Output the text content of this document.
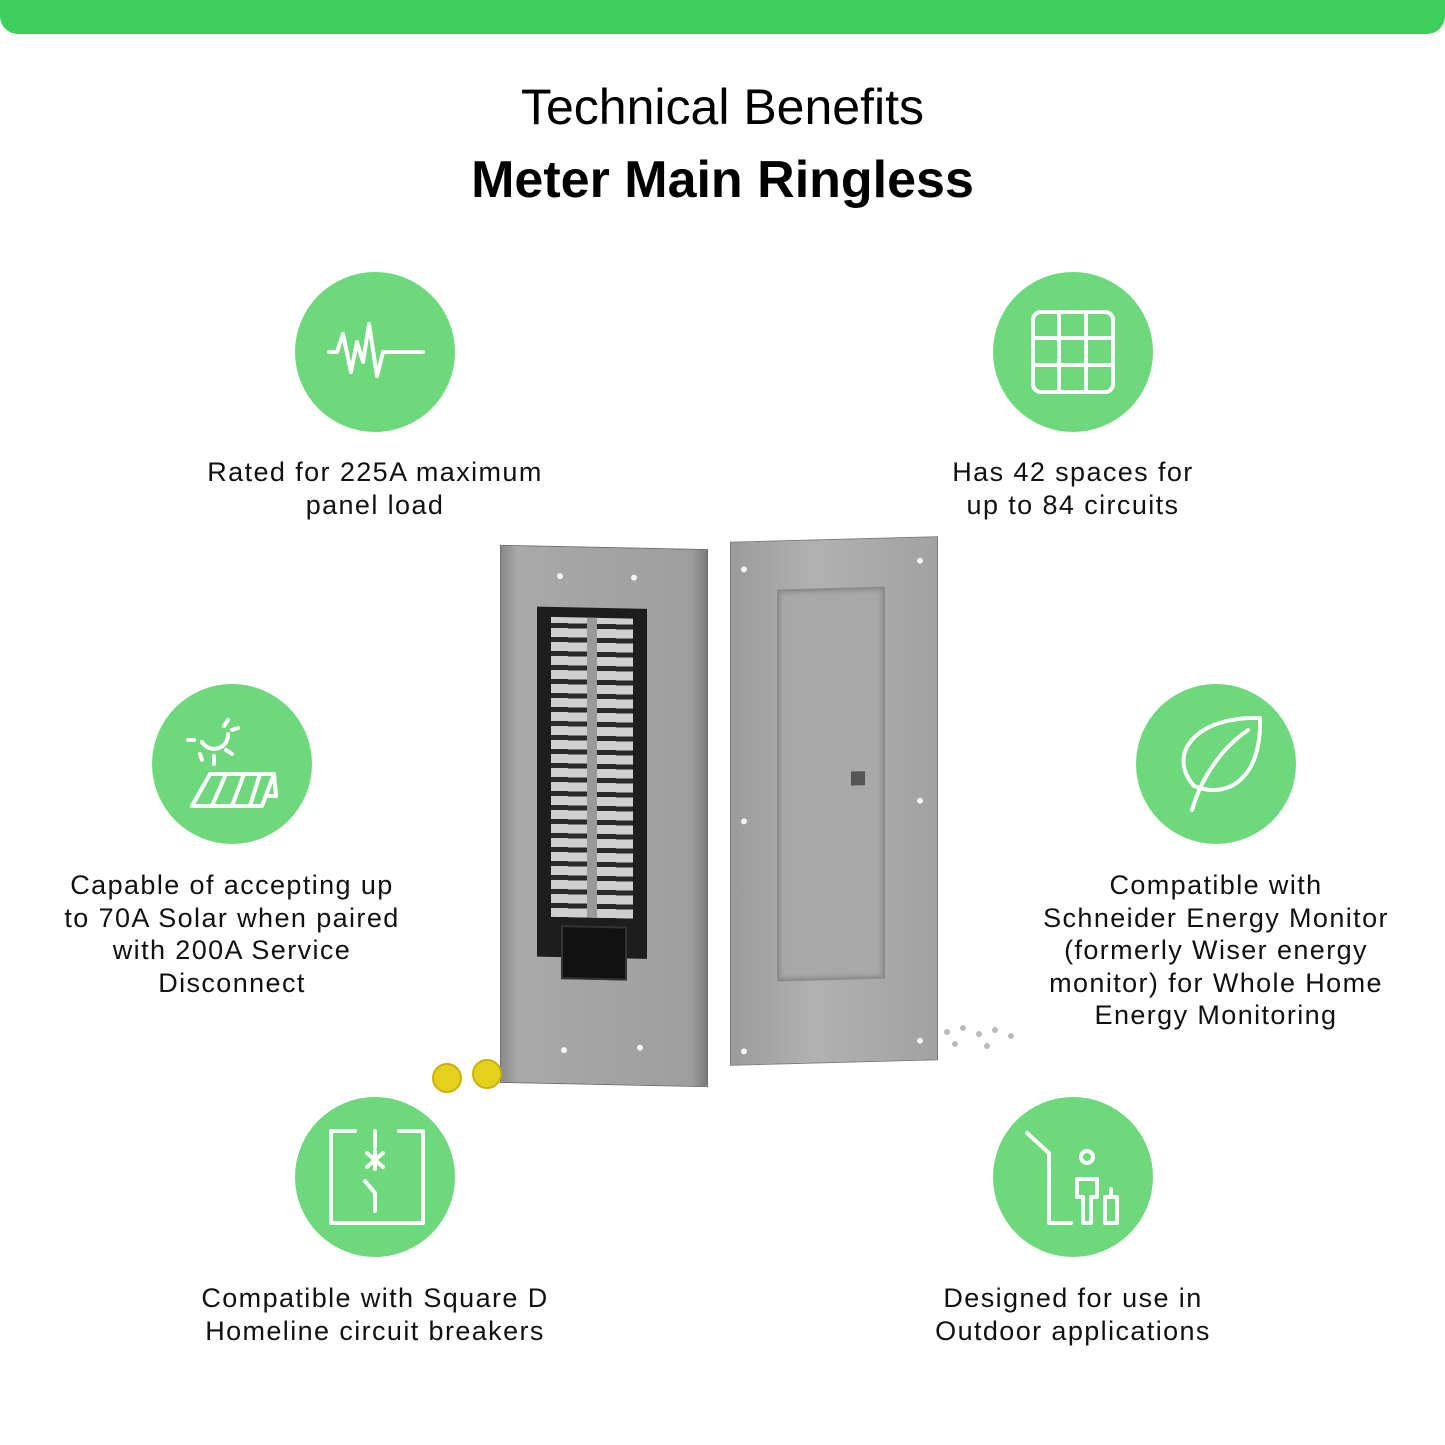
Technical Benefits
Meter Main Ringless
Rated for 225A maximum
panel load
Has 42 spaces for
up to 84 circuits
Capable of accepting up
to 70A Solar when paired
with 200A Service
Disconnect
Compatible with
Schneider Energy Monitor
(formerly Wiser energy
monitor) for Whole Home
Energy Monitoring
Compatible with Square D
Homeline circuit breakers
Designed for use in
Outdoor applications
